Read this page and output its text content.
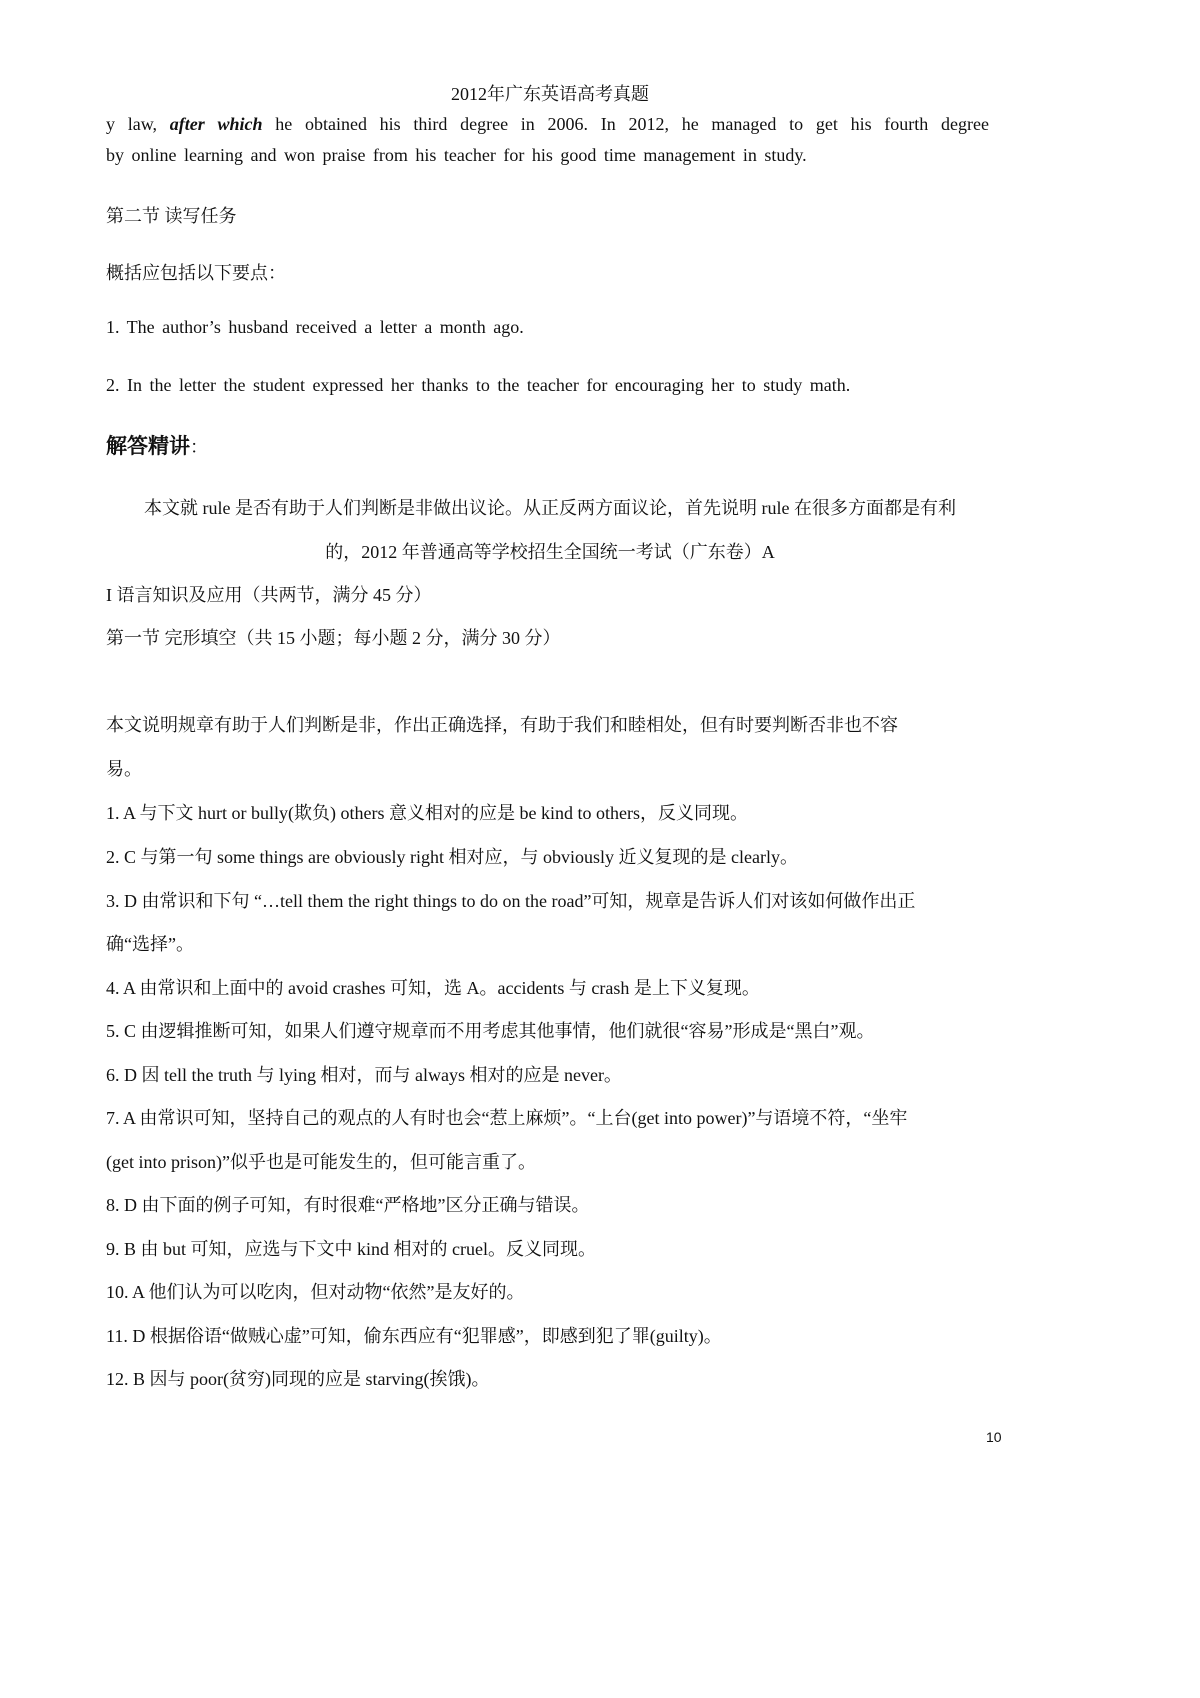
2012年广东英语高考真题
y law, after which he obtained his third degree in 2006. In 2012, he managed to get his fourth degree
by online learning and won praise from his teacher for his good time management in study.
第二节 读写任务
概括应包括以下要点：
1. The author’s husband received a letter a month ago.
2. In the letter the student expressed her thanks to the teacher for encouraging her to study math.
解答精讲：
本文就 rule 是否有助于人们判断是非做出议论。从正反两方面议论，首先说明 rule 在很多方面都是有利
的，2012 年普通高等学校招生全国统一考试（广东卷）A
I 语言知识及应用（共两节，满分 45 分）
第一节 完形填空（共 15 小题；每小题 2 分，满分 30 分）
本文说明规章有助于人们判断是非，作出正确选择，有助于我们和睦相处，但有时要判断否非也不容
易。
1. A 与下文 hurt or bully(欺负) others 意义相对的应是 be kind to others，反义同现。
2. C 与第一句 some things are obviously right 相对应，与 obviously 近义复现的是 clearly。
3. D 由常识和下句 “…tell them the right things to do on the road”可知，规章是告诉人们对该如何做作出正
确“选择”。
4. A 由常识和上面中的 avoid crashes 可知，选 A。accidents 与 crash 是上下义复现。
5. C 由逻辑推断可知，如果人们遵守规章而不用考虑其他事情，他们就很“容易”形成是“黑白”观。
6. D 因 tell the truth 与 lying 相对，而与 always 相对的应是 never。
7. A 由常识可知，坚持自己的观点的人有时也会“惹上麻烦”。“上台(get into power)”与语境不符，“坐牢
(get into prison)”似乎也是可能发生的，但可能言重了。
8. D 由下面的例子可知，有时很难“严格地”区分正确与错误。
9. B 由 but 可知，应选与下文中 kind 相对的 cruel。反义同现。
10. A 他们认为可以吃肉，但对动物“依然”是友好的。
11. D 根据俗语“做贼心虚”可知，偷东西应有“犯罪感”，即感到犯了罪(guilty)。
12. B 因与 poor(贫穷)同现的应是 starving(挨饿)。
10
